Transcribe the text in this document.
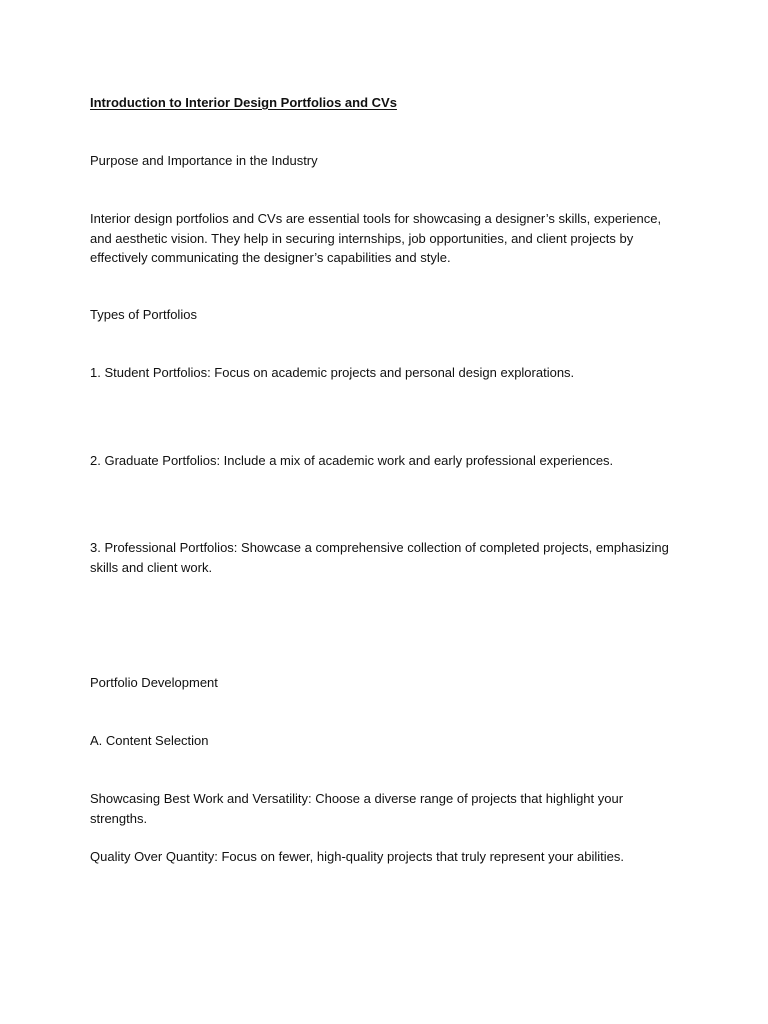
Introduction to Interior Design Portfolios and CVs
Purpose and Importance in the Industry
Interior design portfolios and CVs are essential tools for showcasing a designer’s skills, experience, and aesthetic vision. They help in securing internships, job opportunities, and client projects by effectively communicating the designer’s capabilities and style.
Types of Portfolios
1. Student Portfolios: Focus on academic projects and personal design explorations.
2. Graduate Portfolios: Include a mix of academic work and early professional experiences.
3. Professional Portfolios: Showcase a comprehensive collection of completed projects, emphasizing skills and client work.
Portfolio Development
A. Content Selection
Showcasing Best Work and Versatility: Choose a diverse range of projects that highlight your strengths.
Quality Over Quantity: Focus on fewer, high-quality projects that truly represent your abilities.
